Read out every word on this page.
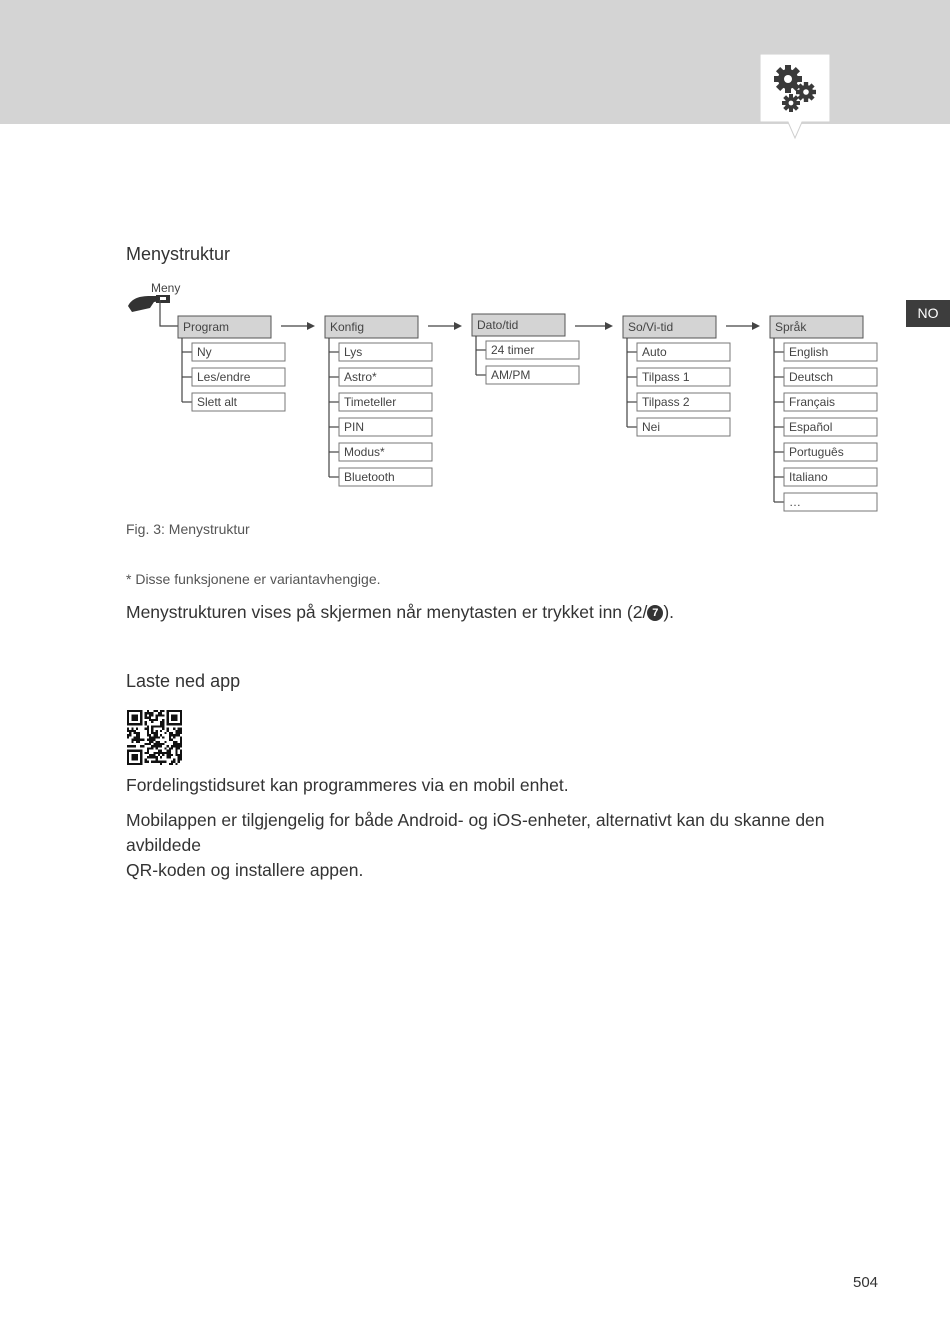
NO
Menystruktur
Meny
Program
Ny
Les/endre
Slett alt
Konfig
Lys
Astro*
Timeteller
PIN
Modus*
Bluetooth
Dato/tid
24 timer
AM/PM
So/Vi-tid
Auto
Tilpass 1
Tilpass 2
Nei
Språk
English
Deutsch
Français
Español
Português
Italiano
…
Fig. 3: Menystruktur
* Disse funksjonene er variantavhengige.
Menystrukturen vises på skjermen når menytasten er trykket inn (2/ 7 ).
Laste ned app
Fordelingstidsuret kan programmeres via en mobil enhet.
Mobilappen er tilgjengelig for både Android- og iOS-enheter, alternativt kan du skanne den avbildede
QR-koden og installere appen.
504
